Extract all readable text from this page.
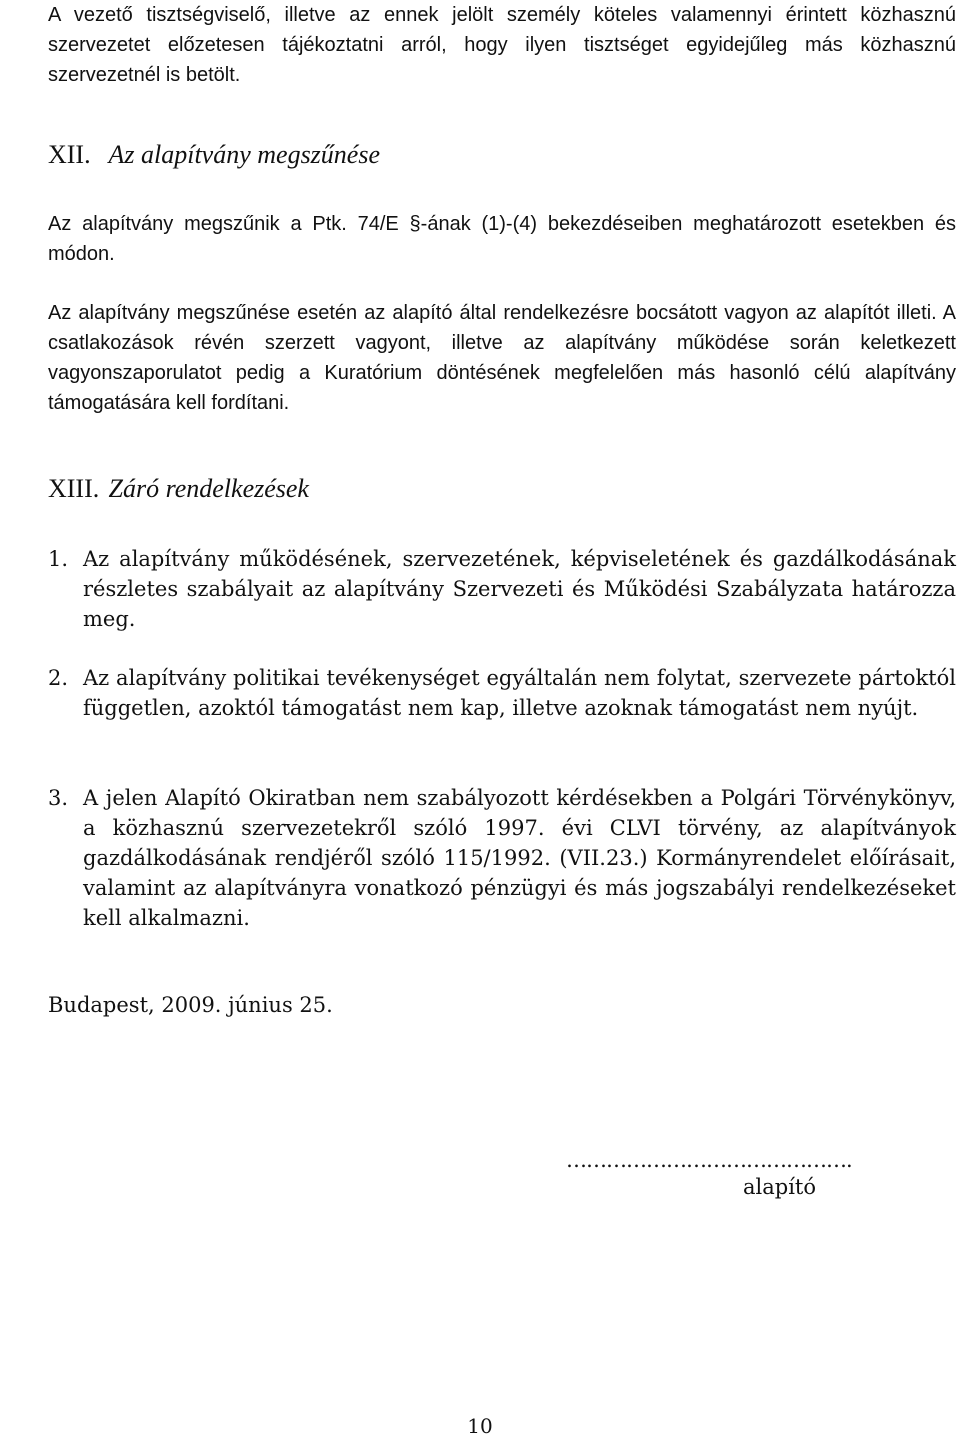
A vezető tisztségviselő, illetve az ennek jelölt személy köteles valamennyi érintett közhasznú szervezetet előzetesen tájékoztatni arról, hogy ilyen tisztséget egyidejűleg más közhasznú szervezetnél is betölt.

XII. Az alapítvány megszűnése

Az alapítvány megszűnik a Ptk. 74/E §-ának (1)-(4) bekezdéseiben meghatározott esetekben és módon.

Az alapítvány megszűnése esetén az alapító által rendelkezésre bocsátott vagyon az alapítót illeti. A csatlakozások révén szerzett vagyont, illetve az alapítvány működése során keletkezett vagyonszaporulatot pedig a Kuratórium döntésének megfelelően más hasonló célú alapítvány támogatására kell fordítani.

XIII. Záró rendelkezések
1. Az alapítvány működésének, szervezetének, képviseletének és gazdálkodásának részletes szabályait az alapítvány Szervezeti és Működési Szabályzata határozza meg.
2. Az alapítvány politikai tevékenységet egyáltalán nem folytat, szervezete pártoktól független, azoktól támogatást nem kap, illetve azoknak támogatást nem nyújt.
3. A jelen Alapító Okiratban nem szabályozott kérdésekben a Polgári Törvénykönyv, a közhasznú szervezetekről szóló 1997. évi CLVI törvény, az alapítványok gazdálkodásának rendjéről szóló 115/1992. (VII.23.) Kormányrendelet előírásait, valamint az alapítványra vonatkozó pénzügyi és más jogszabályi rendelkezéseket kell alkalmazni.
Budapest, 2009. június 25.
…………………………………….
alapító
10
